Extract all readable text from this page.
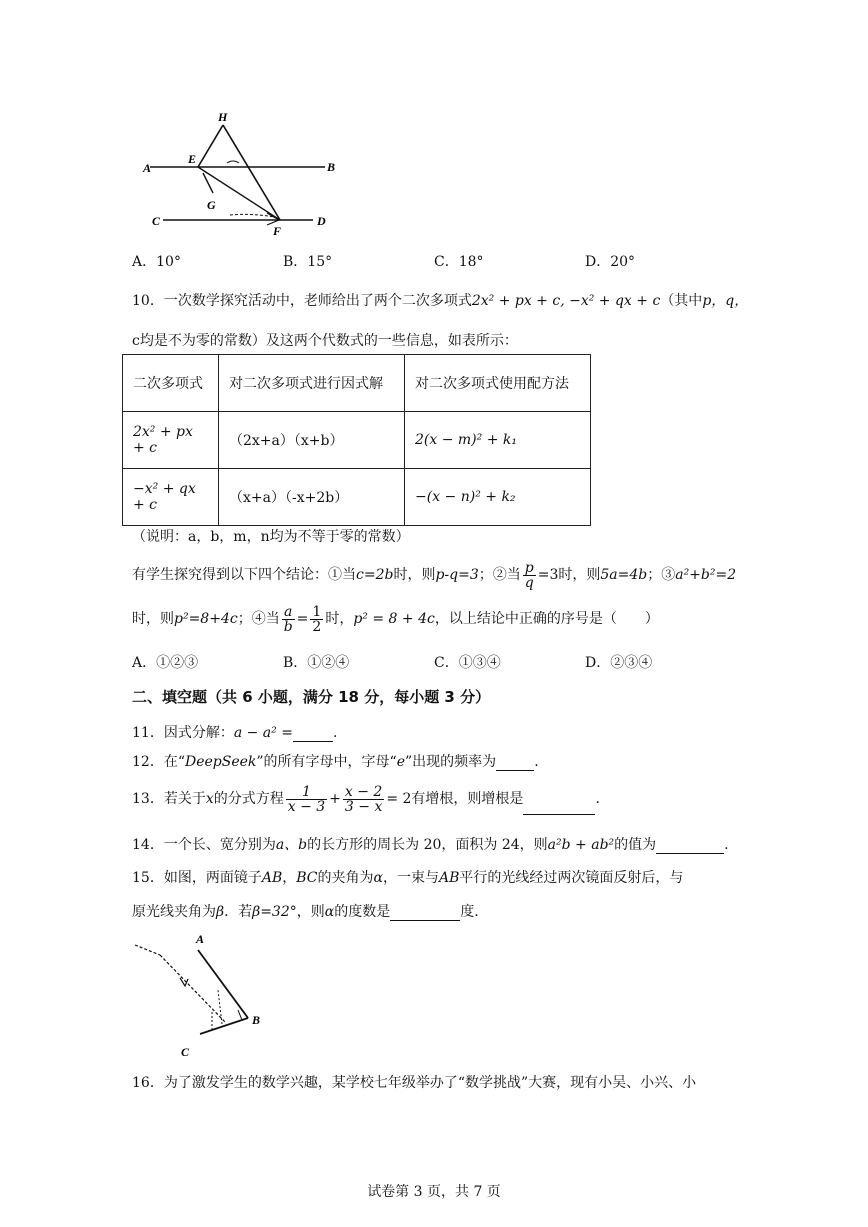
H
E
A	B
G
C	D
F
A．10°	B．15°	C．18°	D．20°
10．一次数学探究活动中，老师给出了两个二次多项式2x² + px + c, −x² + qx + c（其中p，q，
c均是不为零的常数）及这两个代数式的一些信息，如表所示：
二次多项式	对二次多项式进行因式解	对二次多项式使用配方法
2x² + px + c	（2x+a）（x+b）	2(x − m)² + k₁
−x² + qx + c	（x+a）（-x+2b）	−(x − n)² + k₂
（说明：a，b，m，n均为不等于零的常数）
有学生探究得到以下四个结论：①当c=2b时，则p-q=3；②当 $\frac{p}{q} =3$时，则5a=4b；③a²+b²=2
时，则p²=8+4c；④当 $\frac{a}{b} = \frac{1}{2}$ 时，p² = 8 + 4c，以上结论中正确的序号是（　　）
A．①②③	B．①②④	C．①③④	D．②③④
二、填空题（共 6 小题，满分 18 分，每小题 3 分）
11．因式分解：a − a² =	.
12．在“DeepSeek”的所有字母中，字母“e”出现的频率为	.
13．若关于x的分式方程 $\frac{1}{x - 3} + \frac{x - 2}{3 - x} = 2$有增根，则增根是	.
14．一个长、宽分别为a、b的长方形的周长为 20，面积为 24，则a²b + ab²的值为	.
15．如图，两面镜子AB，BC的夹角为α，一束与AB平行的光线经过两次镜面反射后，与
原光线夹角为β．若β=32°，则α的度数是	度.
A
B
C
16．为了激发学生的数学兴趣，某学校七年级举办了“数学挑战”大赛，现有小吴、小兴、小
试卷第 3 页，共 7 页
